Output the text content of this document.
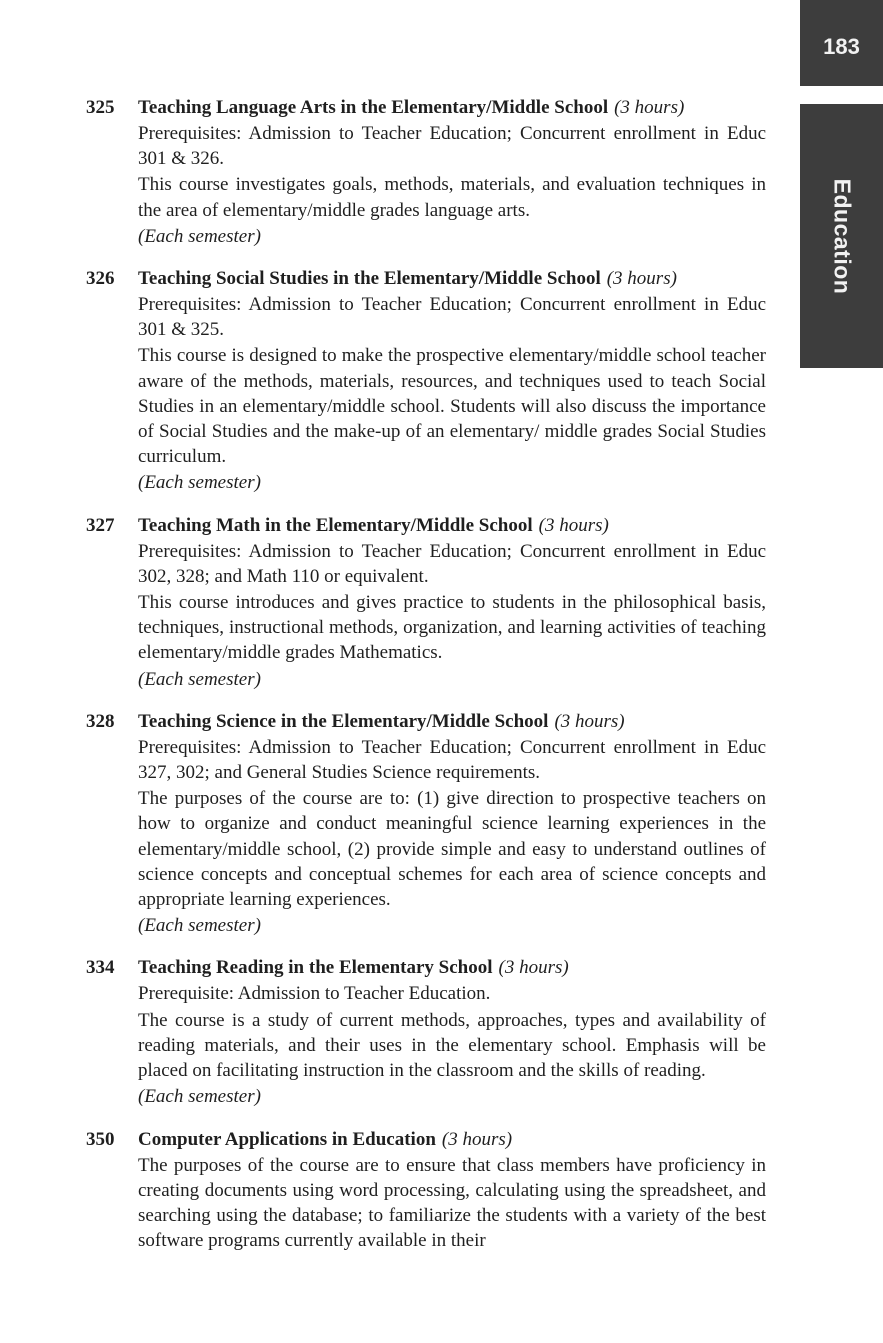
183
Education
325 Teaching Language Arts in the Elementary/Middle School (3 hours)

Prerequisites: Admission to Teacher Education; Concurrent enrollment in Educ 301 & 326.

This course investigates goals, methods, materials, and evaluation techniques in the area of elementary/middle grades language arts.

(Each semester)

326 Teaching Social Studies in the Elementary/Middle School (3 hours)

Prerequisites: Admission to Teacher Education; Concurrent enrollment in Educ 301 & 325.

This course is designed to make the prospective elementary/middle school teacher aware of the methods, materials, resources, and techniques used to teach Social Studies in an elementary/middle school. Students will also discuss the importance of Social Studies and the make-up of an elementary/ middle grades Social Studies curriculum.

(Each semester)

327 Teaching Math in the Elementary/Middle School (3 hours)

Prerequisites: Admission to Teacher Education; Concurrent enrollment in Educ 302, 328; and Math 110 or equivalent.

This course introduces and gives practice to students in the philosophical basis, techniques, instructional methods, organization, and learning activities of teaching elementary/middle grades Mathematics.

(Each semester)

328 Teaching Science in the Elementary/Middle School (3 hours)

Prerequisites: Admission to Teacher Education; Concurrent enrollment in Educ 327, 302; and General Studies Science requirements.

The purposes of the course are to: (1) give direction to prospective teachers on how to organize and conduct meaningful science learning experiences in the elementary/middle school, (2) provide simple and easy to understand outlines of science concepts and conceptual schemes for each area of science concepts and appropriate learning experiences.

(Each semester)

334 Teaching Reading in the Elementary School (3 hours)

Prerequisite: Admission to Teacher Education.

The course is a study of current methods, approaches, types and availability of reading materials, and their uses in the elementary school. Emphasis will be placed on facilitating instruction in the classroom and the skills of reading.

(Each semester)

350 Computer Applications in Education (3 hours)

The purposes of the course are to ensure that class members have proficiency in creating documents using word processing, calculating using the spreadsheet, and searching using the database; to familiarize the students with a variety of the best software programs currently available in their
